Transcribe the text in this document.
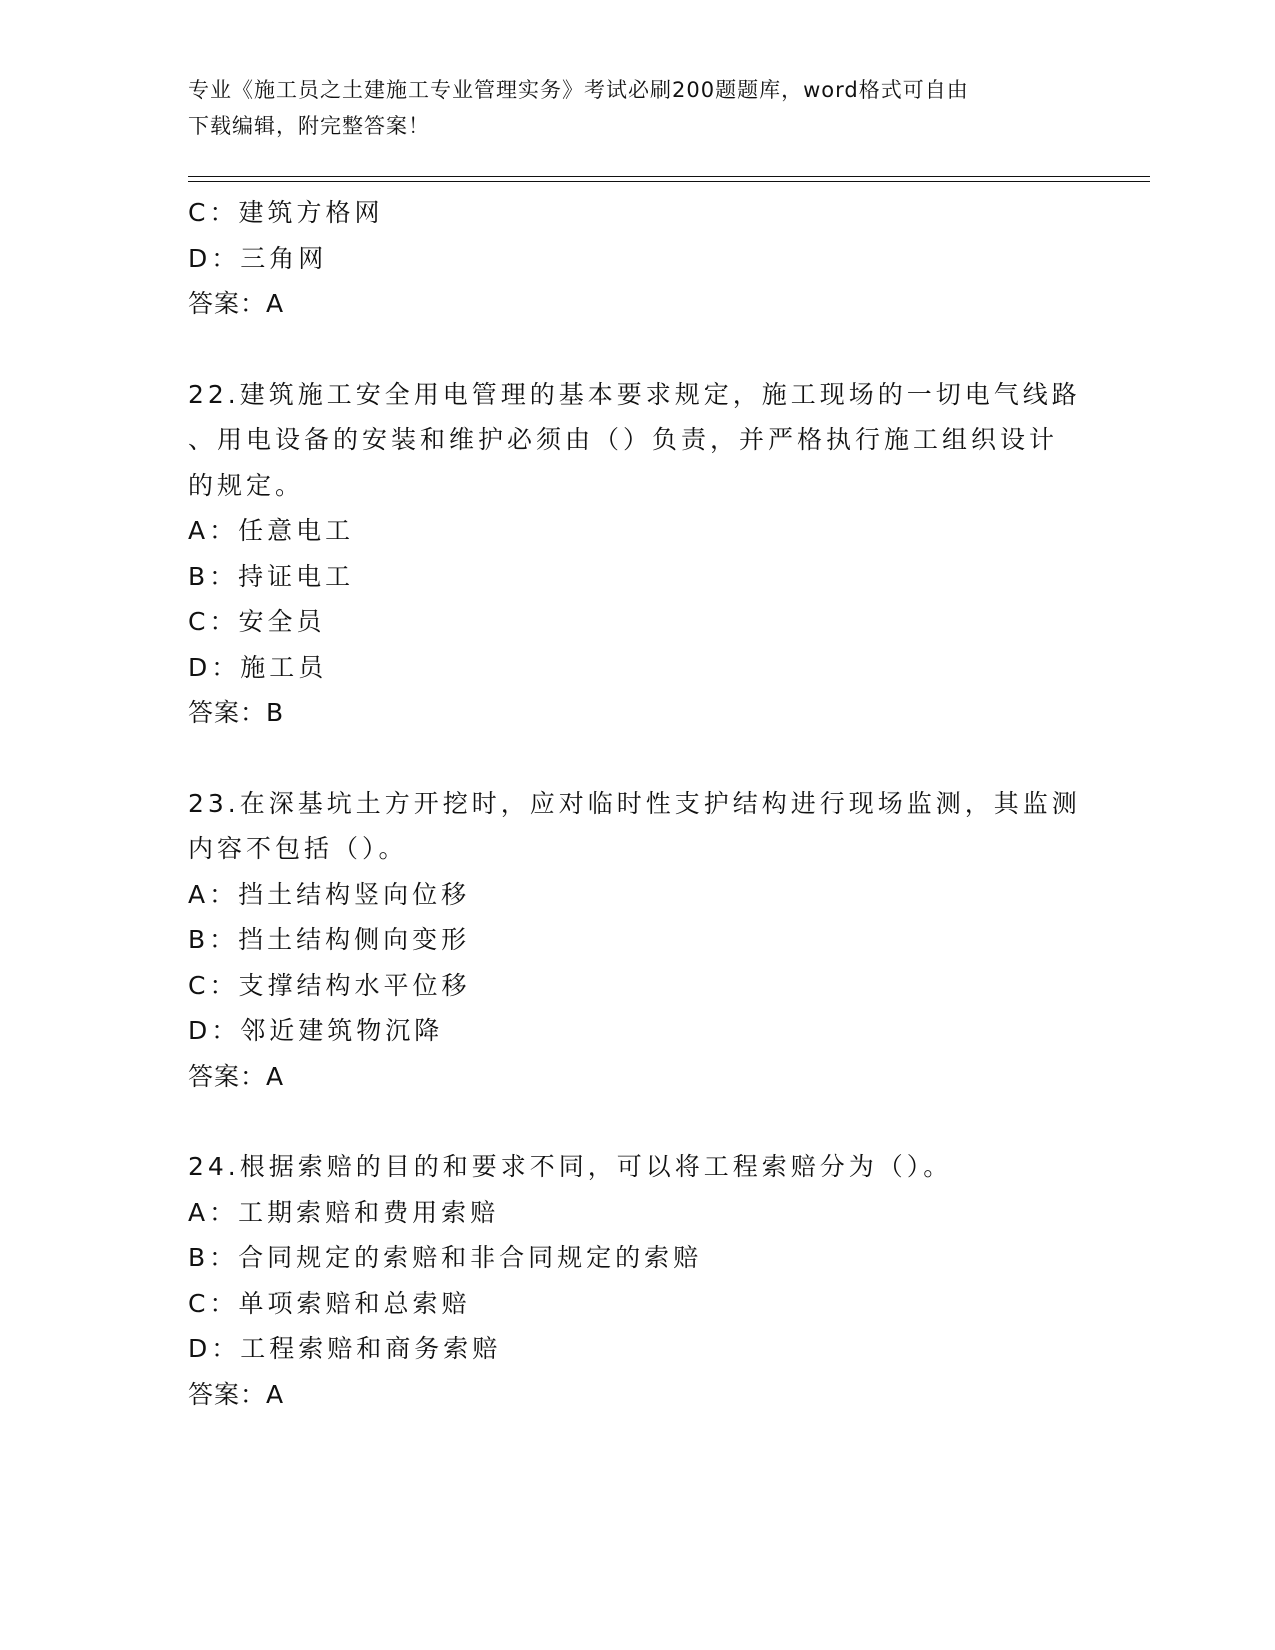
专业《施工员之土建施工专业管理实务》考试必刷200题题库，word格式可自由
下载编辑，附完整答案！
C：建筑方格网
D：三角网
答案：A
22.建筑施工安全用电管理的基本要求规定，施工现场的一切电气线路
、用电设备的安装和维护必须由（）负责，并严格执行施工组织设计
的规定。
A：任意电工
B：持证电工
C：安全员
D：施工员
答案：B
23.在深基坑土方开挖时，应对临时性支护结构进行现场监测，其监测
内容不包括（）。
A：挡土结构竖向位移
B：挡土结构侧向变形
C：支撑结构水平位移
D：邻近建筑物沉降
答案：A
24.根据索赔的目的和要求不同，可以将工程索赔分为（）。
A：工期索赔和费用索赔
B：合同规定的索赔和非合同规定的索赔
C：单项索赔和总索赔
D：工程索赔和商务索赔
答案：A
